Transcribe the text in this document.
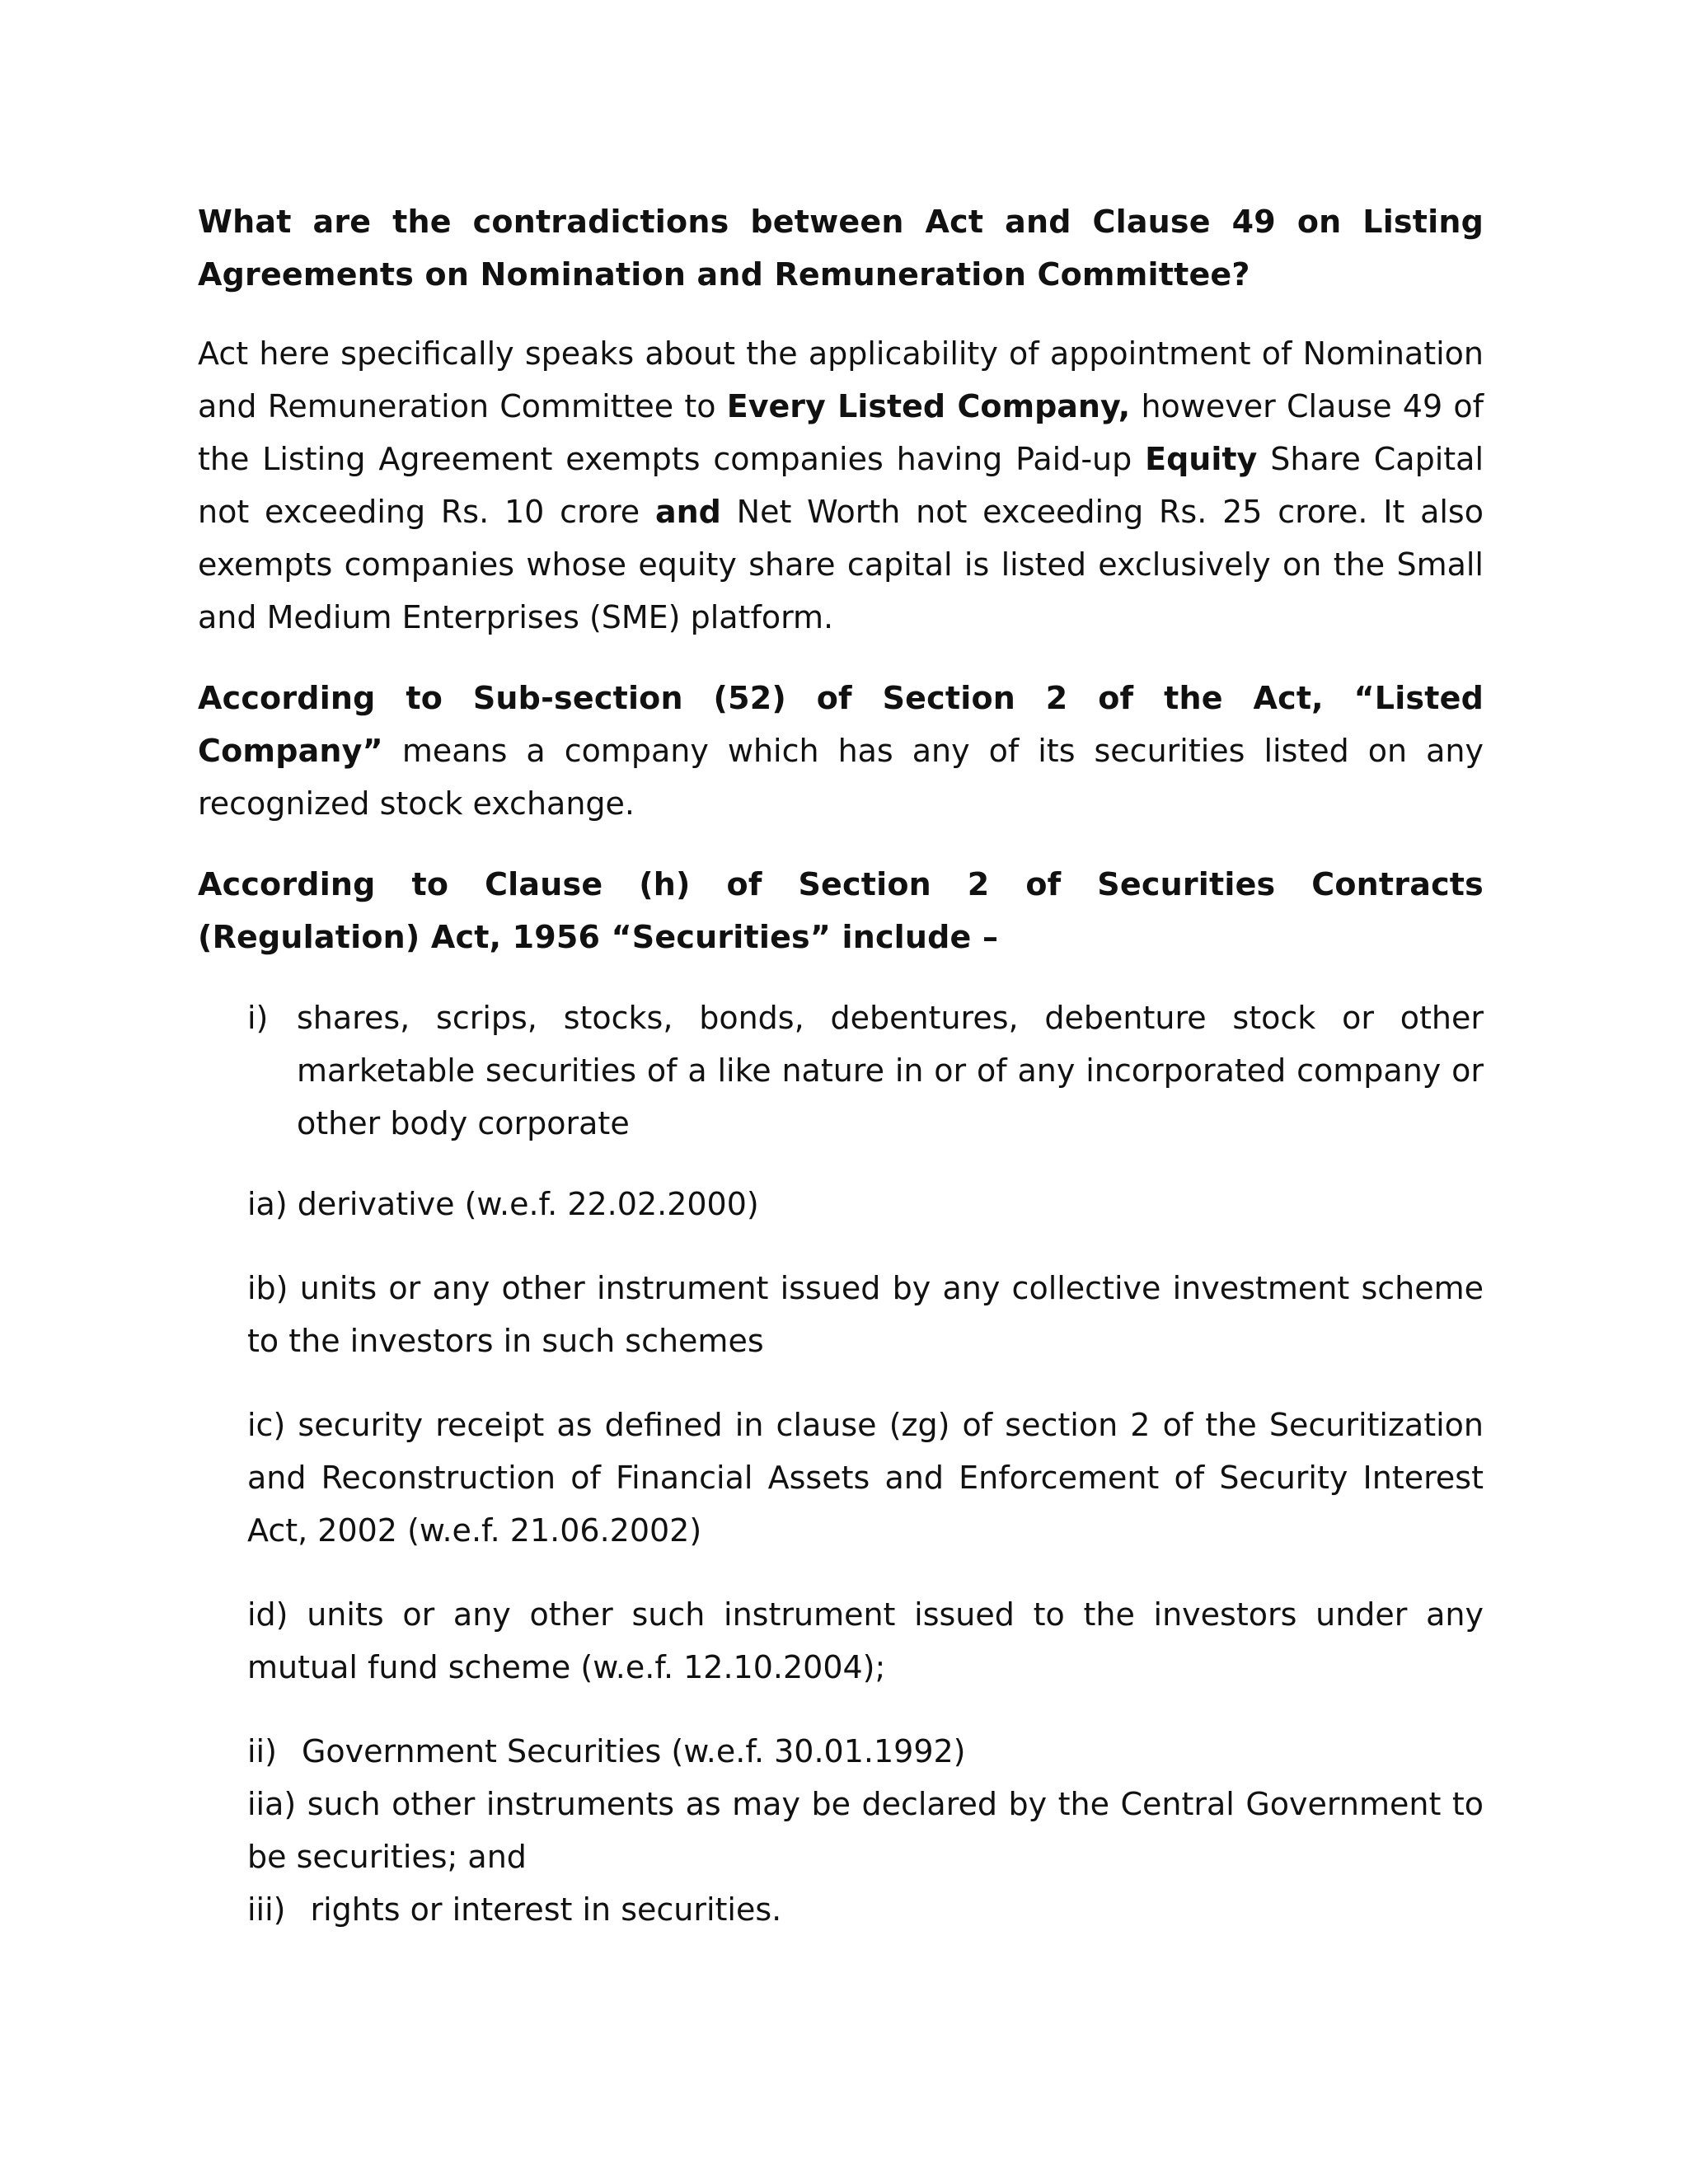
What are the contradictions between Act and Clause 49 on Listing Agreements on Nomination and Remuneration Committee?

Act here specifically speaks about the applicability of appointment of Nomination and Remuneration Committee to Every Listed Company, however Clause 49 of the Listing Agreement exempts companies having Paid-up Equity Share Capital not exceeding Rs. 10 crore and Net Worth not exceeding Rs. 25 crore. It also exempts companies whose equity share capital is listed exclusively on the Small and Medium Enterprises (SME) platform.

According to Sub-section (52) of Section 2 of the Act, “Listed Company” means a company which has any of its securities listed on any recognized stock exchange.

According to Clause (h) of Section 2 of Securities Contracts (Regulation) Act, 1956 “Securities” include –

i) shares, scrips, stocks, bonds, debentures, debenture stock or other marketable securities of a like nature in or of any incorporated company or other body corporate

ia) derivative (w.e.f. 22.02.2000)

ib) units or any other instrument issued by any collective investment scheme to the investors in such schemes

ic) security receipt as defined in clause (zg) of section 2 of the Securitization and Reconstruction of Financial Assets and Enforcement of Security Interest Act, 2002 (w.e.f. 21.06.2002)

id) units or any other such instrument issued to the investors under any mutual fund scheme (w.e.f. 12.10.2004);

ii) Government Securities (w.e.f. 30.01.1992)

iia) such other instruments as may be declared by the Central Government to be securities; and

iii) rights or interest in securities.
